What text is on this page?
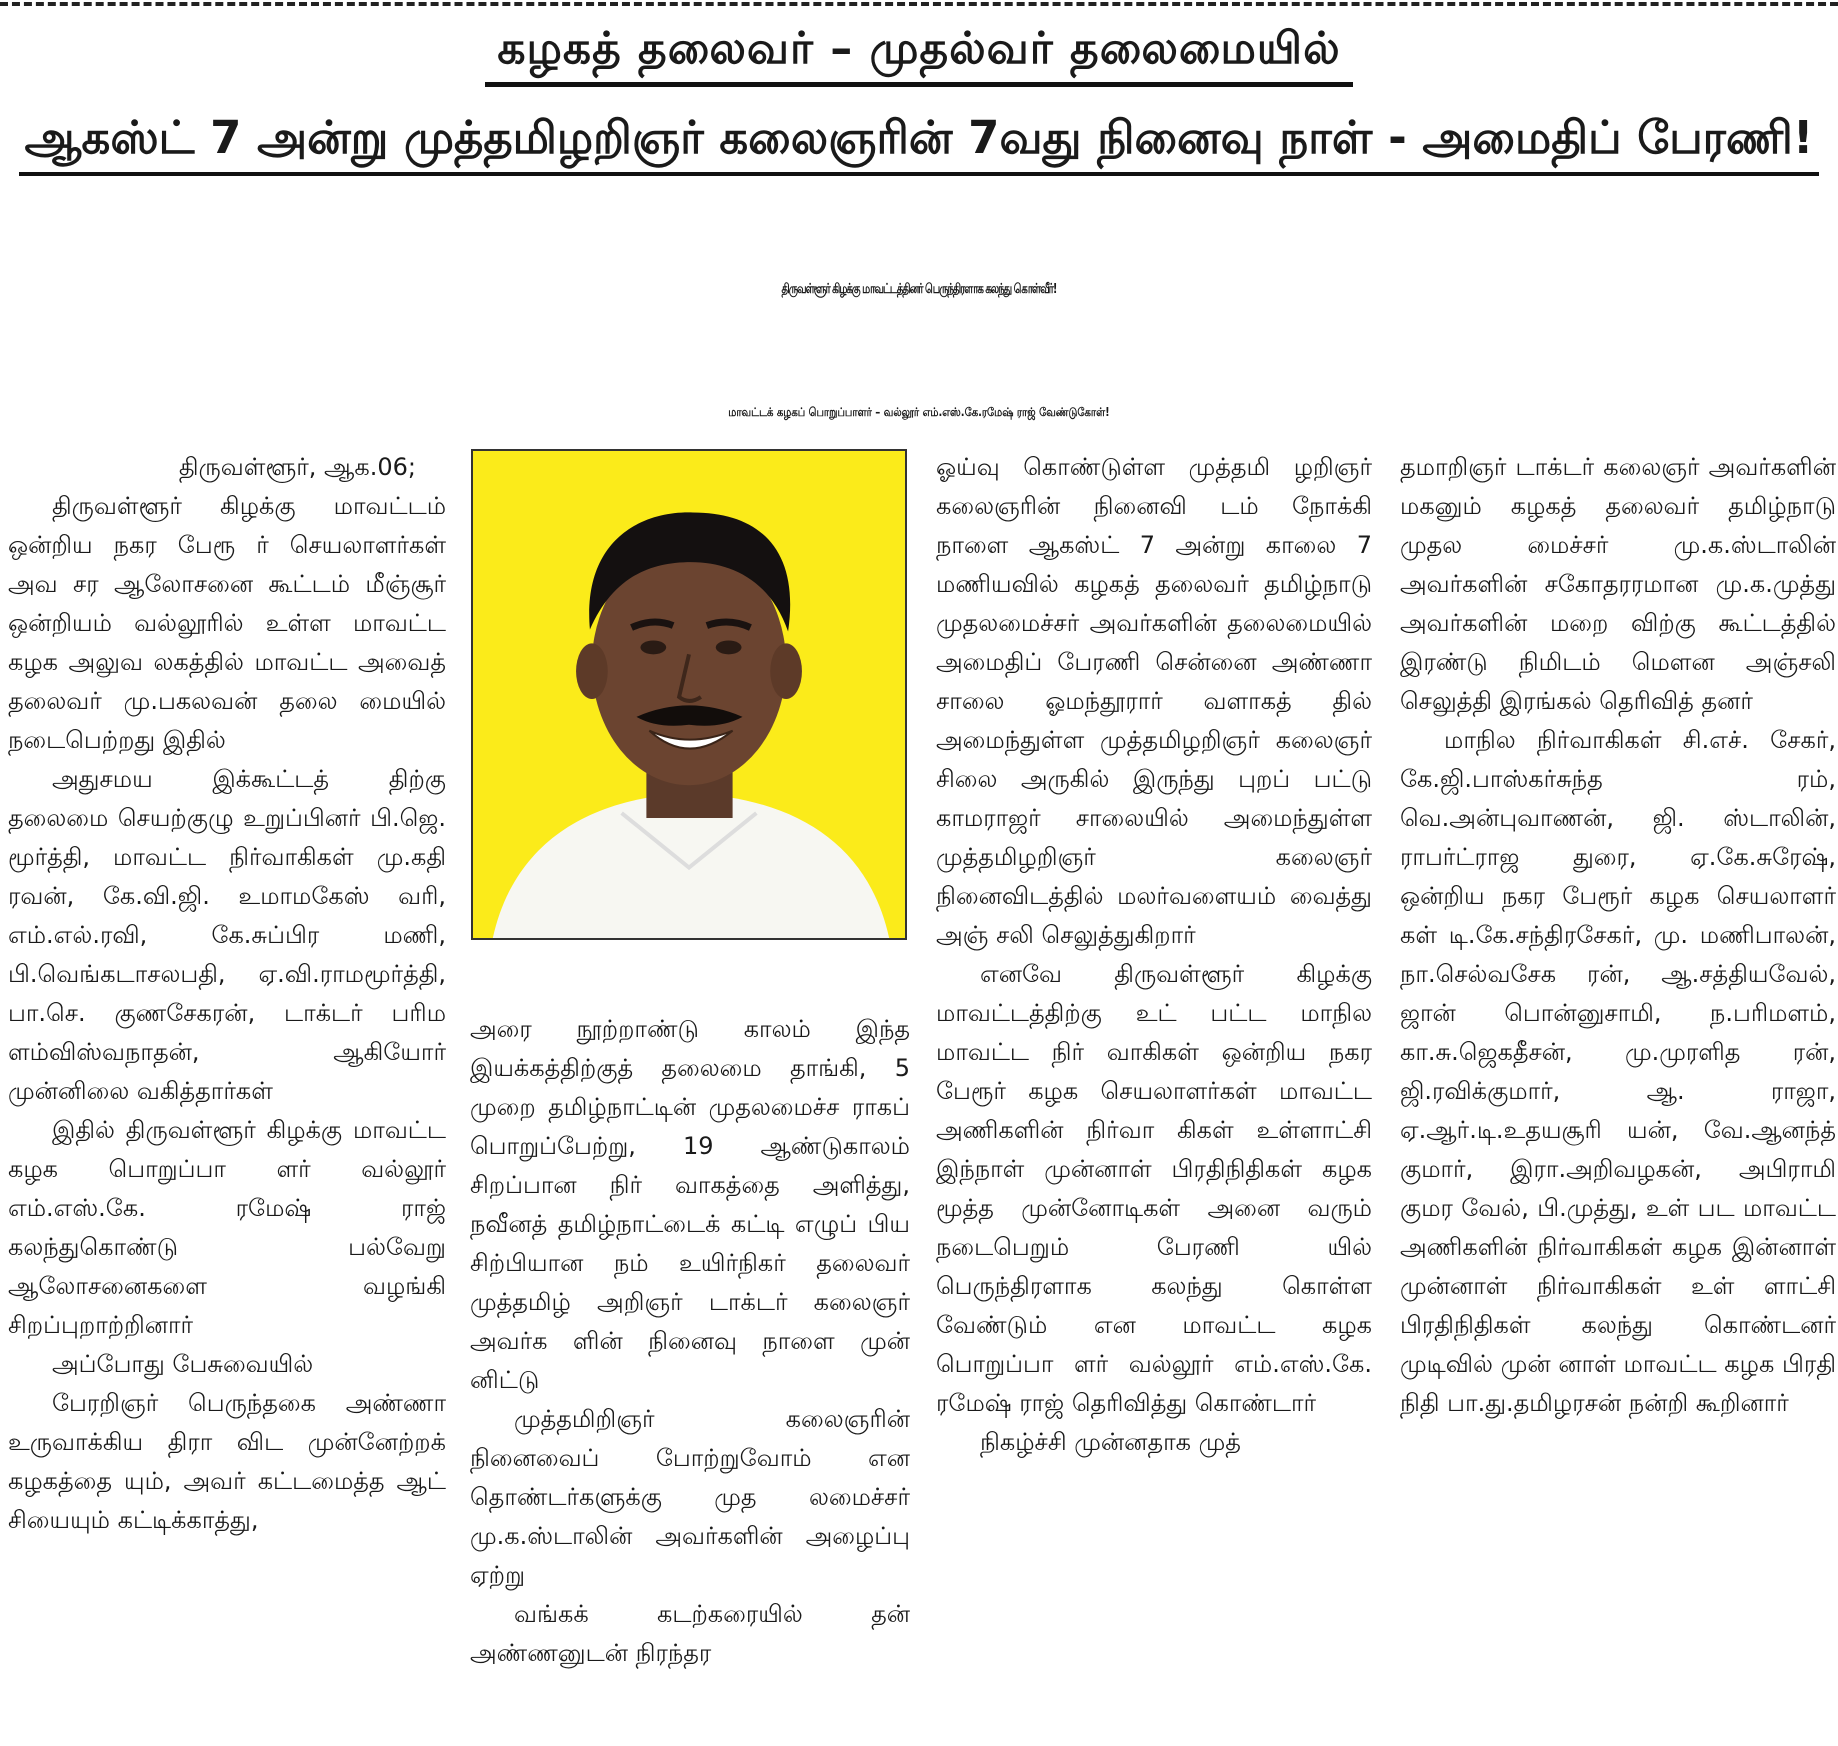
கழகத் தலைவர் – முதல்வர் தலைமையில்
ஆகஸ்ட் 7 அன்று முத்தமிழறிஞர் கலைஞரின் 7வது நினைவு நாள் - அமைதிப் பேரணி!
திருவள்ளூர் கிழக்கு மாவட்டத்தினர் பெருந்திரளாக கலந்து கொள்வீர்!
மாவட்டக் கழகப் பொறுப்பாளர் – வல்லூர் எம்.எஸ்.கே.ரமேஷ் ராஜ் வேண்டுகோள்!

திருவள்ளூர், ஆக.06;

திருவள்ளூர் கிழக்கு மாவட்டம் ஒன்றிய நகர பேரூ ர் செயலாளர்கள் அவ சர ஆலோசனை கூட்டம் மீஞ்சூர் ஒன்றியம் வல்லூரில் உள்ள மாவட்ட கழக அலுவ லகத்தில் மாவட்ட அவைத் தலைவர் மு.பகலவன் தலை மையில் நடைபெற்றது இதில்

அதுசமய இக்கூட்டத் திற்கு தலைமை செயற்குழு உறுப்பினர் பி.ஜெ. மூர்த்தி, மாவட்ட நிர்வாகிகள் மு.கதி ரவன், கே.வி.ஜி. உமாமகேஸ் வரி, எம்.எல்.ரவி, கே.சுப்பிர மணி, பி.வெங்கடாசலபதி, ஏ.வி.ராமமூர்த்தி, பா.செ. குணசேகரன், டாக்டர் பரிம ளம்விஸ்வநாதன், ஆகியோர் முன்னிலை வகித்தார்கள்

இதில் திருவள்ளூர் கிழக்கு மாவட்ட கழக பொறுப்பா ளர் வல்லூர் எம்.எஸ்.கே. ரமேஷ் ராஜ் கலந்துகொண்டு பல்வேறு ஆலோசனைகளை வழங்கி சிறப்புறாற்றினார்

அப்போது பேசுவையில்

பேரறிஞர் பெருந்தகை அண்ணா உருவாக்கிய திரா விட முன்னேற்றக் கழகத்தை யும், அவர் கட்டமைத்த ஆட் சியையும் கட்டிக்காத்து,

அரை நூற்றாண்டு காலம் இந்த இயக்கத்திற்குத் தலைமை தாங்கி, 5 முறை தமிழ்நாட்டின் முதலமைச்ச ராகப் பொறுப்பேற்று, 19 ஆண்டுகாலம் சிறப்பான நிர் வாகத்தை அளித்து, நவீனத் தமிழ்நாட்டைக் கட்டி எழுப் பிய சிற்பியான நம் உயிர்நிகர் தலைவர் முத்தமிழ் அறிஞர் டாக்டர் கலைஞர் அவர்க ளின் நினைவு நாளை முன் னிட்டு

முத்தமிறிஞர் கலைஞரின் நினைவைப் போற்றுவோம் என தொண்டர்களுக்கு முத லமைச்சர் மு.க.ஸ்டாலின் அவர்களின் அழைப்பு ஏற்று

வங்கக் கடற்கரையில் தன் அண்ணனுடன் நிரந்தர

ஓய்வு கொண்டுள்ள முத்தமி ழறிஞர் கலைஞரின் நினைவி டம் நோக்கி நாளை ஆகஸ்ட் 7 அன்று காலை 7 மணியவில் கழகத் தலைவர் தமிழ்நாடு முதலமைச்சர் அவர்களின் தலைமையில் அமைதிப் பேரணி சென்னை அண்ணா சாலை ஓமந்தூரார் வளாகத் தில் அமைந்துள்ள முத்தமிழறிஞர் கலைஞர் சிலை அருகில் இருந்து புறப் பட்டு காமராஜர் சாலையில் அமைந்துள்ள முத்தமிழறிஞர் கலைஞர் நினைவிடத்தில் மலர்வளையம் வைத்து அஞ் சலி செலுத்துகிறார்

எனவே திருவள்ளூர் கிழக்கு மாவட்டத்திற்கு உட் பட்ட மாநில மாவட்ட நிர் வாகிகள் ஒன்றிய நகர பேரூர் கழக செயலாளர்கள் மாவட்ட அணிகளின் நிர்வா கிகள் உள்ளாட்சி இந்நாள் முன்னாள் பிரதிநிதிகள் கழக மூத்த முன்னோடிகள் அனை வரும் நடைபெறும் பேரணி யில் பெருந்திரளாக கலந்து கொள்ள வேண்டும் என மாவட்ட கழக பொறுப்பா ளர் வல்லூர் எம்.எஸ்.கே. ரமேஷ் ராஜ் தெரிவித்து கொண்டார்

நிகழ்ச்சி முன்னதாக முத்

தமாறிஞர் டாக்டர் கலைஞர் அவர்களின் மகனும் கழகத் தலைவர் தமிழ்நாடு முதல மைச்சர் மு.க.ஸ்டாலின் அவர்களின் சகோதரரமான மு.க.முத்து அவர்களின் மறை விற்கு கூட்டத்தில் இரண்டு நிமிடம் மௌன அஞ்சலி செலுத்தி இரங்கல் தெரிவித் தனர்

மாநில நிர்வாகிகள் சி.எச். சேகர், கே.ஜி.பாஸ்கர்சுந்த ரம், வெ.அன்புவாணன், ஜி. ஸ்டாலின், ராபர்ட்ராஜ துரை, ஏ.கே.சுரேஷ், ஒன்றிய நகர பேரூர் கழக செயலாளர் கள் டி.கே.சந்திரசேகர், மு. மணிபாலன், நா.செல்வசேக ரன், ஆ.சத்தியவேல், ஜான் பொன்னுசாமி, ந.பரிமளம், கா.சு.ஜெகதீசன், மு.முரளித ரன், ஜி.ரவிக்குமார், ஆ. ராஜா, ஏ.ஆர்.டி.உதயசூரி யன், வே.ஆனந்த் குமார், இரா.அறிவழகன், அபிராமி குமர வேல், பி.முத்து, உள் பட மாவட்ட அணிகளின் நிர்வாகிகள் கழக இன்னாள் முன்னாள் நிர்வாகிகள் உள் ளாட்சி பிரதிநிதிகள் கலந்து கொண்டனர் முடிவில் முன் னாள் மாவட்ட கழக பிரதி நிதி பா.து.தமிழரசன் நன்றி கூறினார்
